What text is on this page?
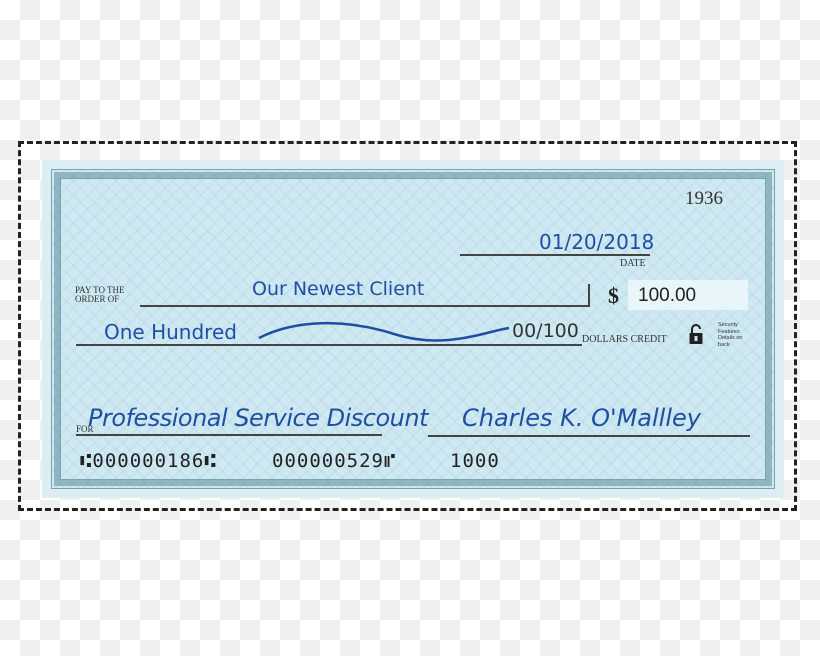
1936
01/20/2018
DATE
PAY TO THE
ORDER OF	Our Newest Client	$ 100.00
One Hundred	00/100 DOLLARS CREDIT
Security
Features
Details on
back
FOR
Professional Service Discount Charles K. O'Mallley
⑆000000186⑆	000000529⑈	1000
